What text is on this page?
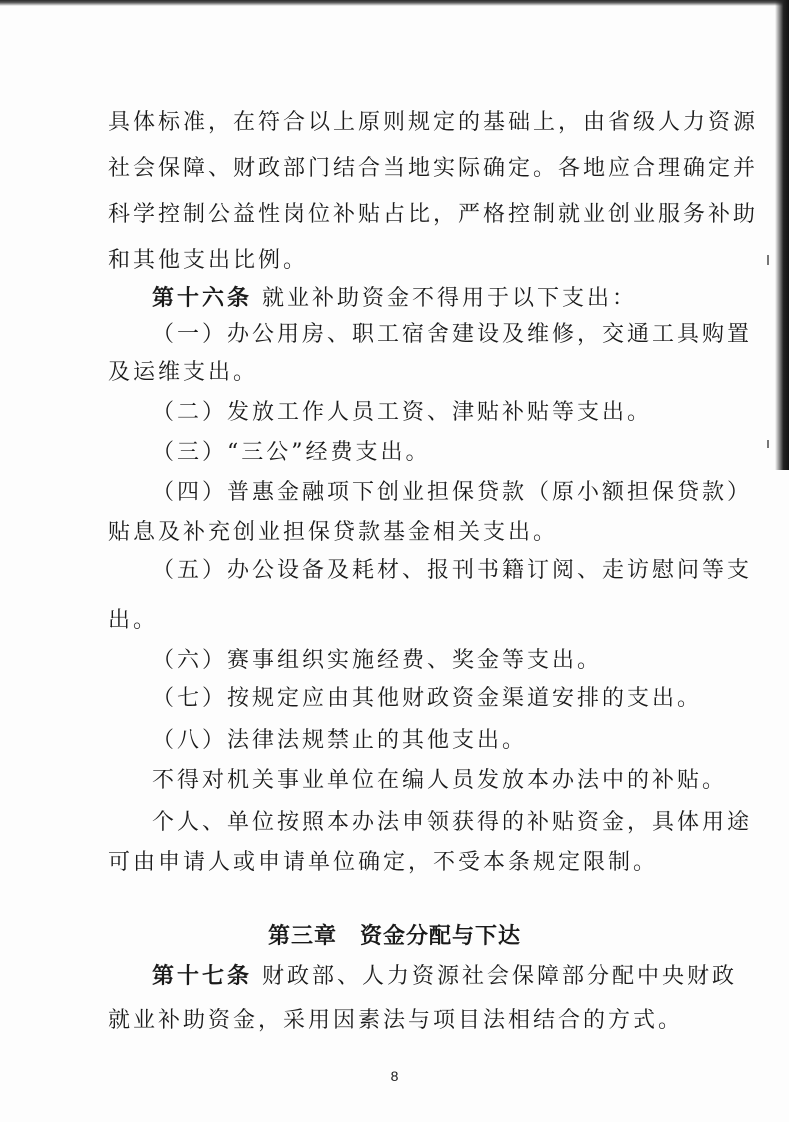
具体标准，在符合以上原则规定的基础上，由省级人力资源
社会保障、财政部门结合当地实际确定。各地应合理确定并
科学控制公益性岗位补贴占比，严格控制就业创业服务补助
和其他支出比例。
第十六条 就业补助资金不得用于以下支出：
（一）办公用房、职工宿舍建设及维修，交通工具购置
及运维支出。
（二）发放工作人员工资、津贴补贴等支出。
（三）“三公”经费支出。
（四）普惠金融项下创业担保贷款（原小额担保贷款）
贴息及补充创业担保贷款基金相关支出。
（五）办公设备及耗材、报刊书籍订阅、走访慰问等支
出。
（六）赛事组织实施经费、奖金等支出。
（七）按规定应由其他财政资金渠道安排的支出。
（八）法律法规禁止的其他支出。
不得对机关事业单位在编人员发放本办法中的补贴。
个人、单位按照本办法申领获得的补贴资金，具体用途
可由申请人或申请单位确定，不受本条规定限制。
第三章　资金分配与下达
第十七条 财政部、人力资源社会保障部分配中央财政
就业补助资金，采用因素法与项目法相结合的方式。
8
